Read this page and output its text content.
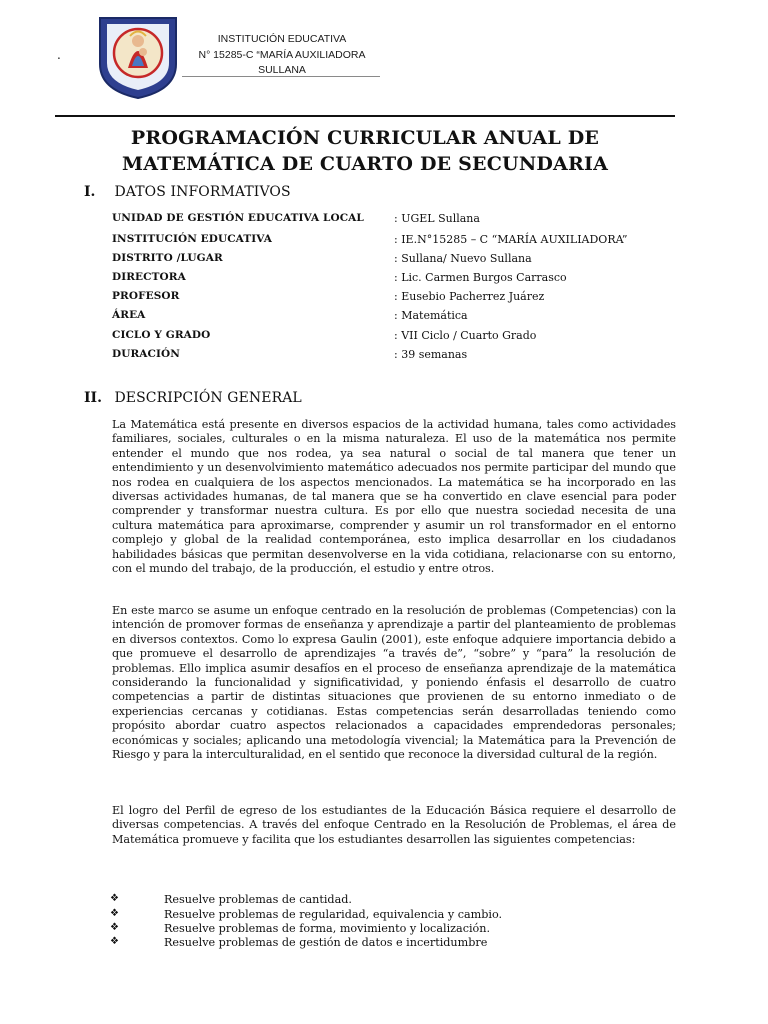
.
INSTITUCIÓN EDUCATIVA
N° 15285-C “MARÍA AUXILIADORA
SULLANA
PROGRAMACIÓN CURRICULAR ANUAL DE
MATEMÁTICA DE CUARTO DE SECUNDARIA
I. DATOS INFORMATIVOS
UNIDAD DE GESTIÓN EDUCATIVA LOCAL	: UGEL Sullana
INSTITUCIÓN EDUCATIVA	: IE.N°15285 – C “MARÍA AUXILIADORA”
DISTRITO /LUGAR	: Sullana/ Nuevo Sullana
DIRECTORA	: Lic. Carmen Burgos Carrasco
PROFESOR	: Eusebio Pacherrez Juárez
ÁREA	: Matemática
CICLO Y GRADO	: VII Ciclo / Cuarto Grado
DURACIÓN	: 39 semanas
II. DESCRIPCIÓN GENERAL

La Matemática está presente en diversos espacios de la actividad humana, tales como actividades familiares, sociales, culturales o en la misma naturaleza. El uso de la matemática nos permite entender el mundo que nos rodea, ya sea natural o social de tal manera que tener un entendimiento y un desenvolvimiento matemático adecuados nos permite participar del mundo que nos rodea en cualquiera de los aspectos mencionados. La matemática se ha incorporado en las diversas actividades humanas, de tal manera que se ha convertido en clave esencial para poder comprender y transformar nuestra cultura. Es por ello que nuestra sociedad necesita de una cultura matemática para aproximarse, comprender y asumir un rol transformador en el entorno complejo y global de la realidad contemporánea, esto implica desarrollar en los ciudadanos habilidades básicas que permitan desenvolverse en la vida cotidiana, relacionarse con su entorno, con el mundo del trabajo, de la producción, el estudio y entre otros.

En este marco se asume un enfoque centrado en la resolución de problemas (Competencias) con la intención de promover formas de enseñanza y aprendizaje a partir del planteamiento de problemas en diversos contextos. Como lo expresa Gaulin (2001), este enfoque adquiere importancia debido a que promueve el desarrollo de aprendizajes “a través de”, “sobre” y “para” la resolución de problemas. Ello implica asumir desafíos en el proceso de enseñanza aprendizaje de la matemática considerando la funcionalidad y significatividad, y poniendo énfasis el desarrollo de cuatro competencias a partir de distintas situaciones que provienen de su entorno inmediato o de experiencias cercanas y cotidianas. Estas competencias serán desarrolladas teniendo como propósito abordar cuatro aspectos relacionados a capacidades emprendedoras personales; económicas y sociales; aplicando una metodología vivencial; la Matemática para la Prevención de Riesgo y para la interculturalidad, en el sentido que reconoce la diversidad cultural de la región.

El logro del Perfil de egreso de los estudiantes de la Educación Básica requiere el desarrollo de diversas competencias. A través del enfoque Centrado en la Resolución de Problemas, el área de Matemática promueve y facilita que los estudiantes desarrollen las siguientes competencias:

❖	Resuelve problemas de cantidad.
❖	Resuelve problemas de regularidad, equivalencia y cambio.
❖	Resuelve problemas de forma, movimiento y localización.
❖	Resuelve problemas de gestión de datos e incertidumbre
